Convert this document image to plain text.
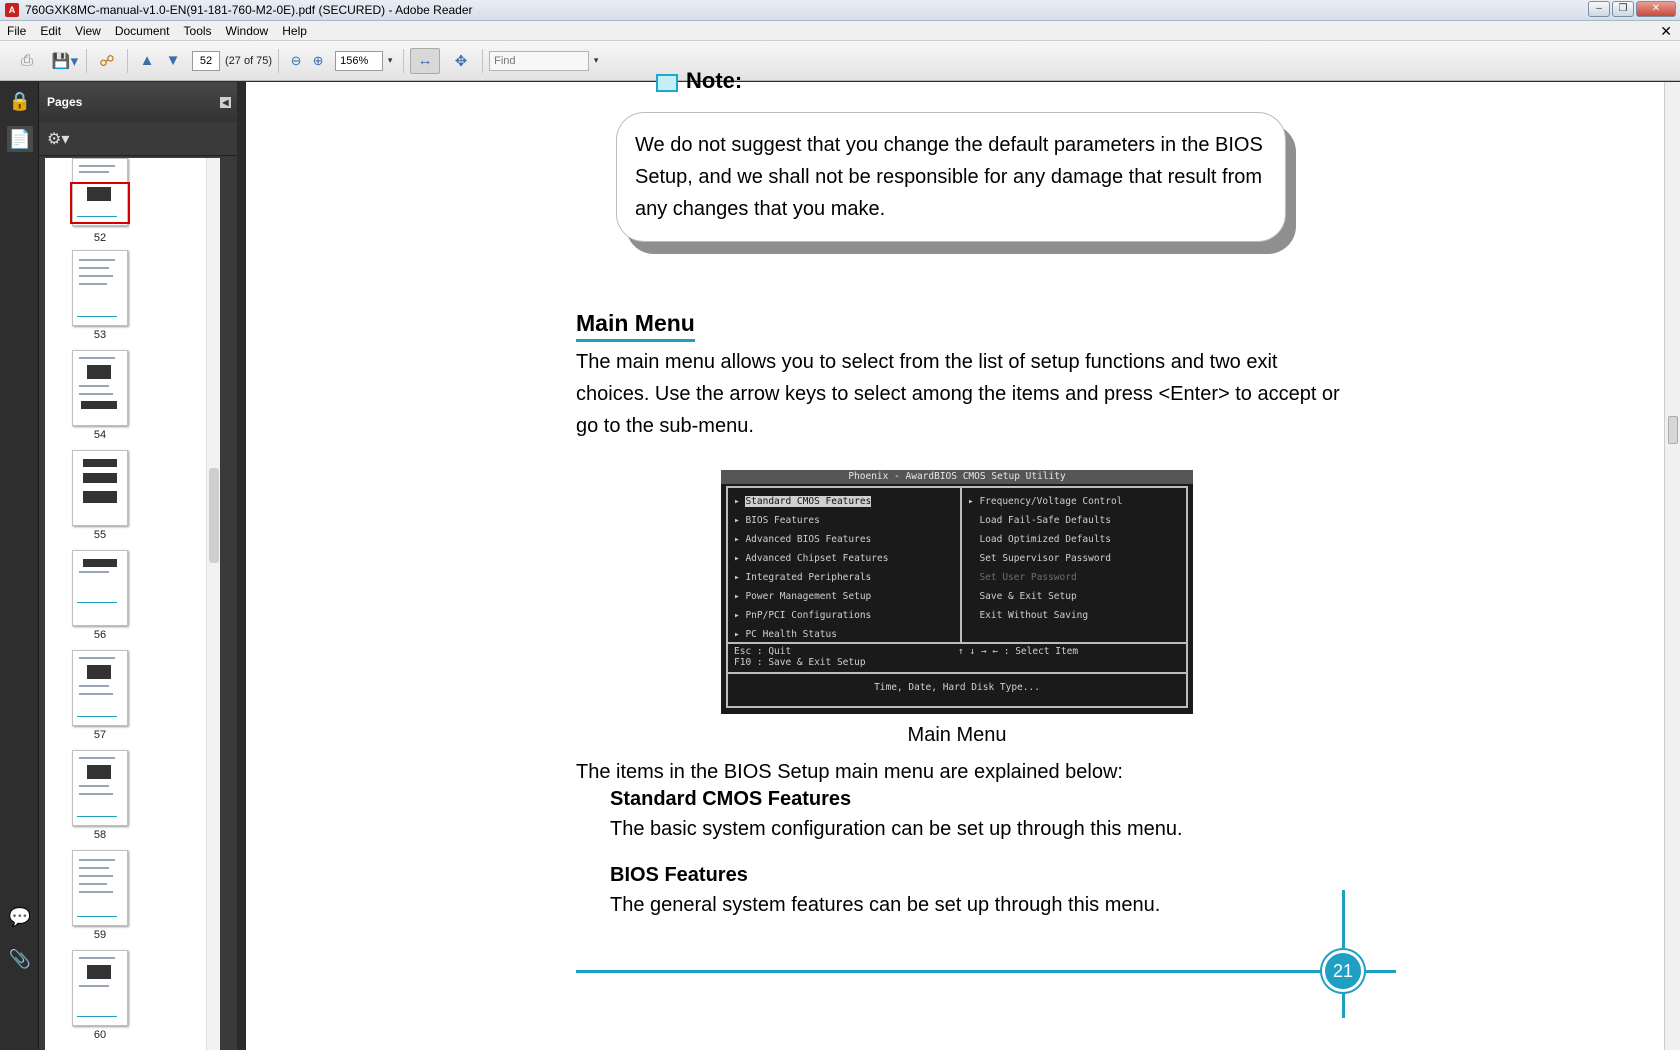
A 760GXK8MC-manual-v1.0-EN(91-181-760-M2-0E).pdf (SECURED) - Adobe Reader	–	❐	✕
File	Edit	View	Document	Tools	Window	Help	✕
⎙	💾▾	☍	▲ ▼
52	(27 of 75)	⊖ ⊕	156%	▾	↔	✥
Find	▾
🔒
📄
💬
📎
Pages	◀
⚙▾
52
53
54
55
56
57
58
59
60
Note:
We do not suggest that you change the default parameters in the BIOS Setup, and we shall not be responsible for any damage that result from any changes that you make.
Main Menu
The main menu allows you to select from the list of setup functions and two exit choices. Use the arrow keys to select among the items and press <Enter> to accept or go to the sub-menu.
Phoenix - AwardBIOS CMOS Setup Utility
▸ Standard CMOS Features
▸ BIOS Features
▸ Advanced BIOS Features
▸ Advanced Chipset Features
▸ Integrated Peripherals
▸ Power Management Setup
▸ PnP/PCI Configurations
▸ PC Health Status
▸ Frequency/Voltage Control
Load Fail-Safe Defaults
Load Optimized Defaults
Set Supervisor Password
Set User Password
Save & Exit Setup
Exit Without Saving
Esc : Quit
F10 : Save & Exit Setup
↑ ↓ → ← : Select Item
Time, Date, Hard Disk Type...
Main Menu
The items in the BIOS Setup main menu are explained below:
Standard CMOS Features
The basic system configuration can be set up through this menu.
BIOS Features
The general system features can be set up through this menu.
21
